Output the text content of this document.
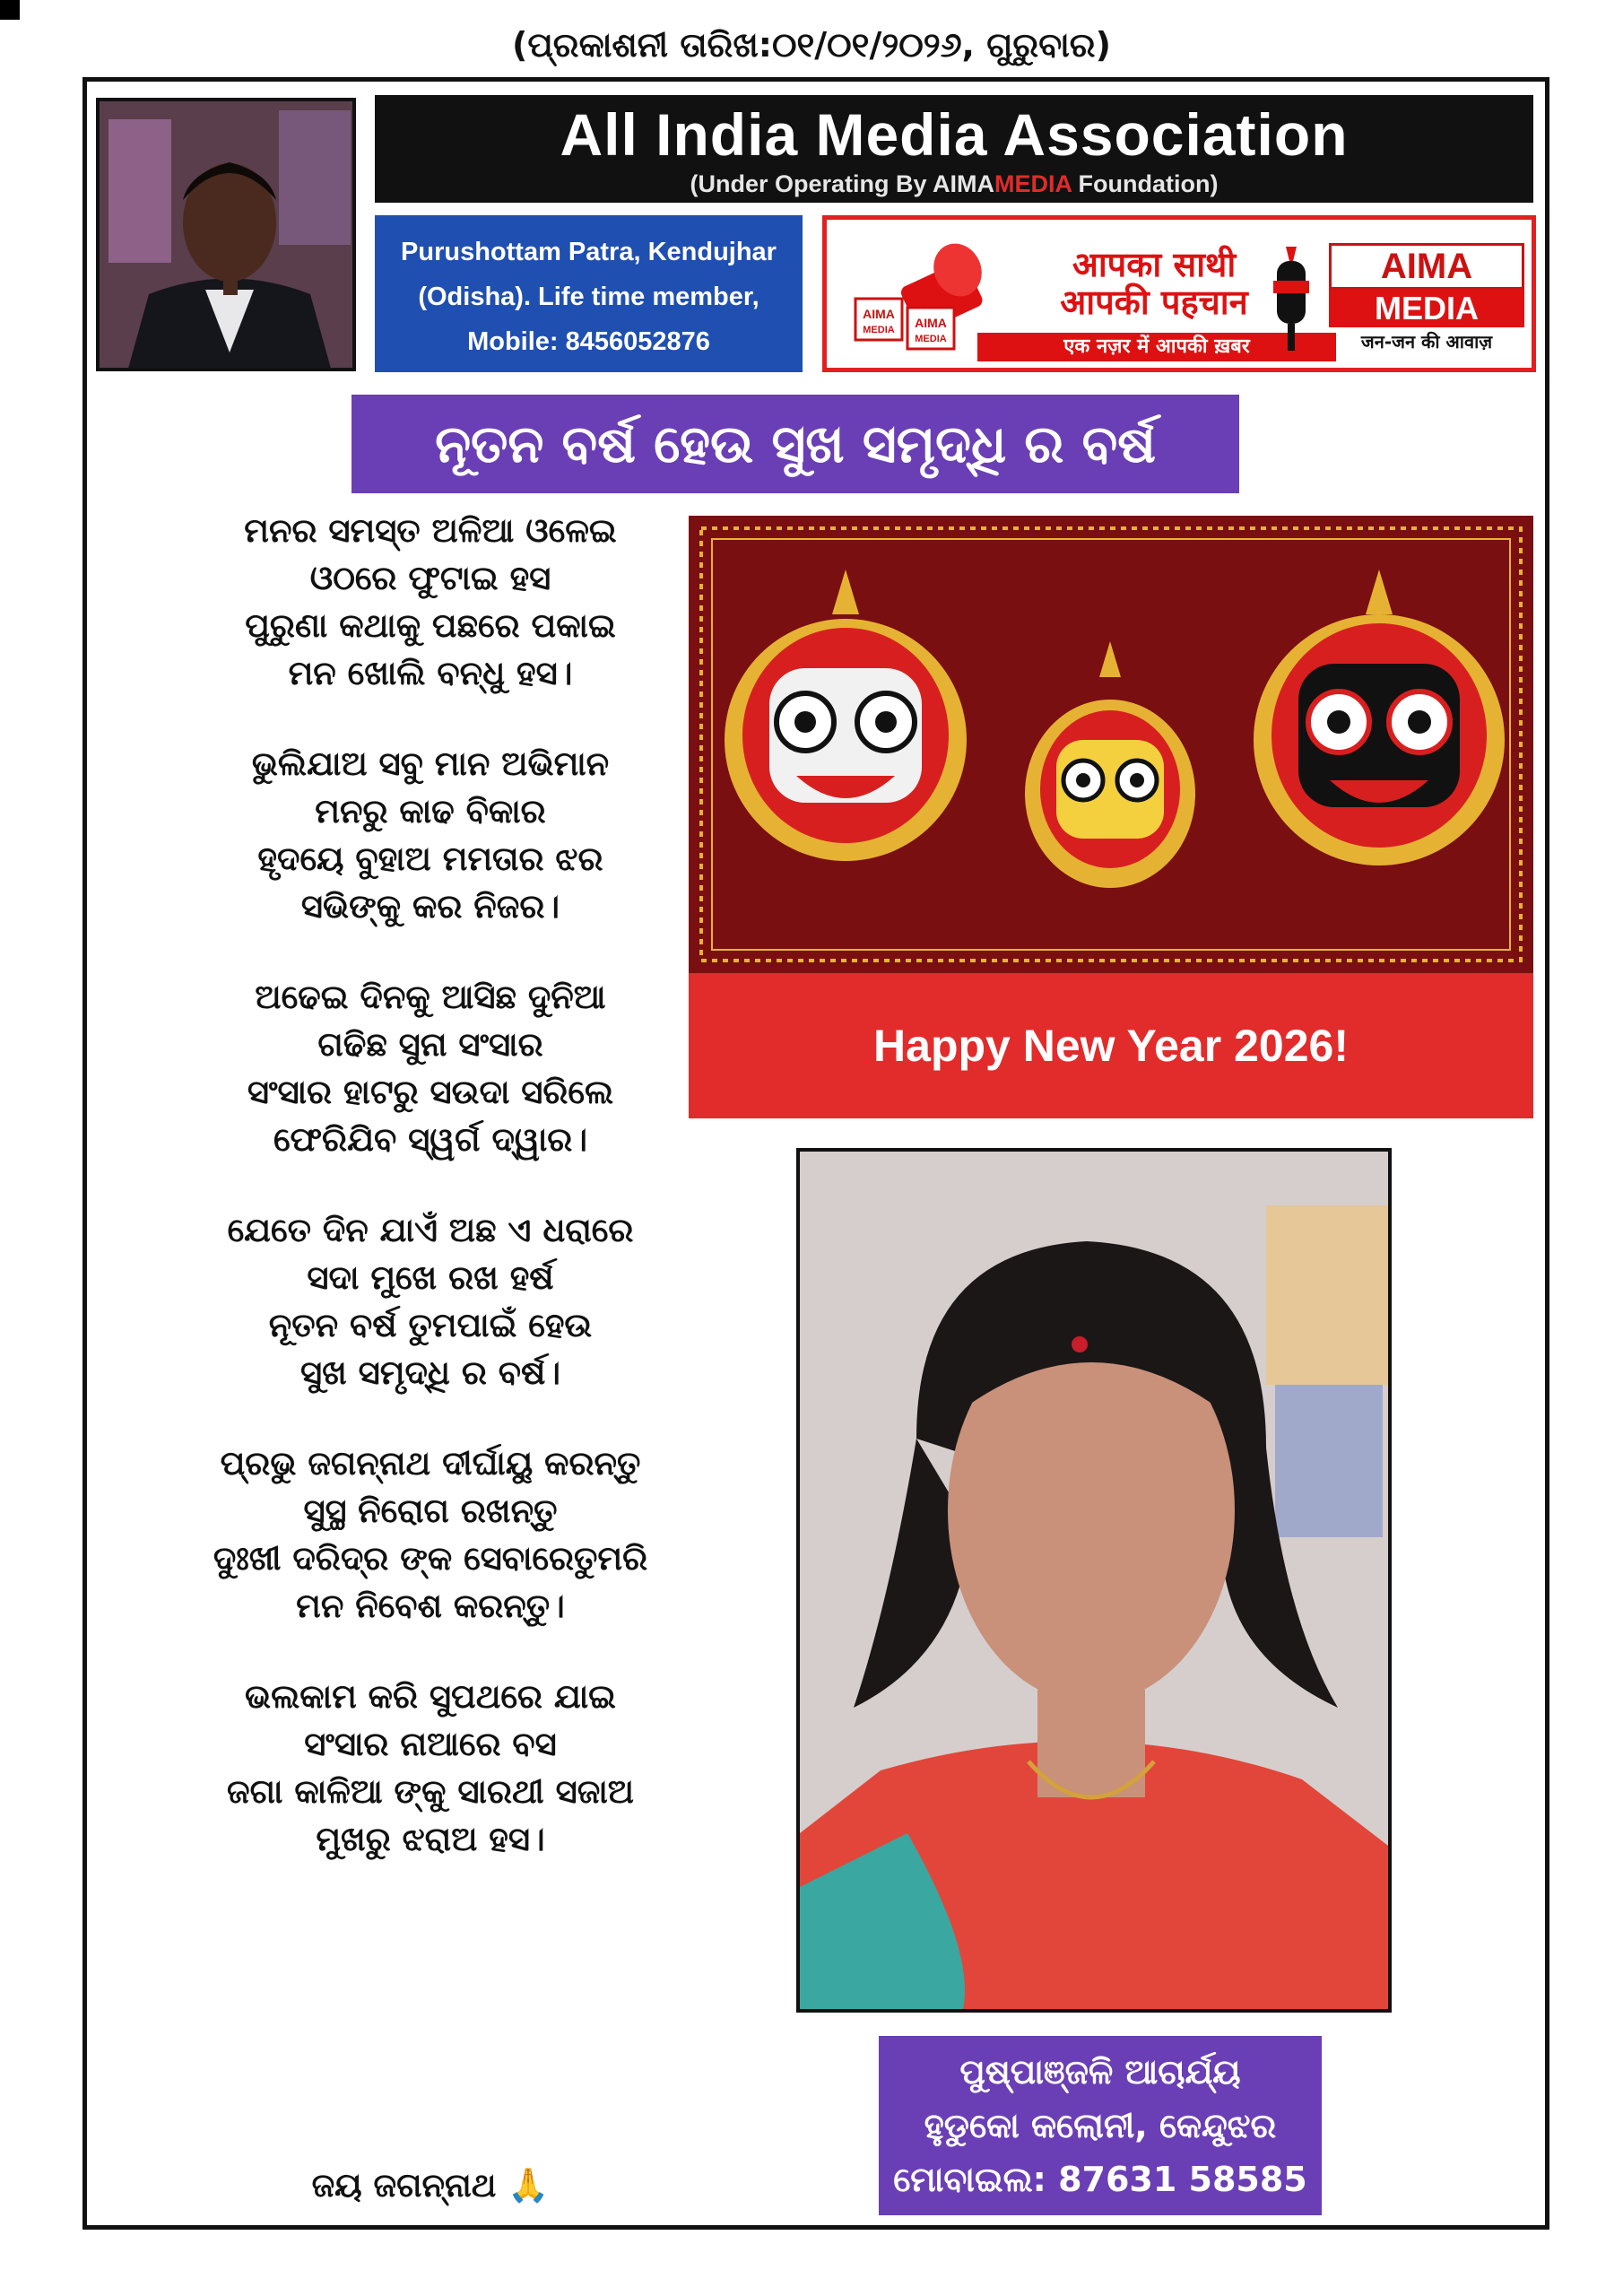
(ପ୍ରକାଶନୀ ତାରିଖ:୦୧/୦୧/୨୦୨୬, ଗୁରୁବାର)
All India Media Association
(Under Operating By AIMAMEDIA Foundation)
Purushottam Patra, Kendujhar
(Odisha). Life time member,
Mobile: 8456052876
AIMA
MEDIA AIMA
MEDIA
आपका साथी
आपकी पहचान
एक नज़र में आपकी ख़बर
AIMA
MEDIA
जन-जन की आवाज़
ନୂତନ ବର୍ଷ ହେଉ ସୁଖ ସମୃଦ୍ଧି ର ବର୍ଷ
ମନର ସମସ୍ତ ଅଳିଆ ଓଳେଇ
ଓଠରେ ଫୁଟାଇ ହସ
ପୁରୁଣା କଥାକୁ ପଛରେ ପକାଇ
ମନ ଖୋଲି ବନ୍ଧୁ ହସ।
ଭୁଲିଯାଅ ସବୁ ମାନ ଅଭିମାନ
ମନରୁ କାଢ ବିକାର
ହୃଦୟେ ବୁହାଅ ମମତାର ଝର
ସଭିଙ୍କୁ କର ନିଜର।
ଅଢେଇ ଦିନକୁ ଆସିଛ ଦୁନିଆ
ଗଢିଛ ସୁନା ସଂସାର
ସଂସାର ହାଟରୁ ସଉଦା ସରିଲେ
ଫେରିଯିବ ସ୍ୱର୍ଗ ଦ୍ୱାର।
ଯେତେ ଦିନ ଯାଏଁ ଅଛ ଏ ଧରାରେ
ସଦା ମୁଖେ ରଖ ହର୍ଷ
ନୂତନ ବର୍ଷ ତୁମପାଇଁ ହେଉ
ସୁଖ ସମୃଦ୍ଧି ର ବର୍ଷ।
ପ୍ରଭୁ ଜଗନ୍ନାଥ ଦୀର୍ଘାୟୁ କରନ୍ତୁ
ସୁସ୍ଥ ନିରୋଗ ରଖନ୍ତୁ
ଦୁଃଖୀ ଦରିଦ୍ର ଙ୍କ ସେବାରେତୁମରି
ମନ ନିବେଶ କରନ୍ତୁ।
ଭଲକାମ କରି ସୁପଥରେ ଯାଇ
ସଂସାର ନାଆରେ ବସ
ଜଗା କାଳିଆ ଙ୍କୁ ସାରଥୀ ସଜାଅ
ମୁଖରୁ ଝରାଅ ହସ।
ଜୟ ଜଗନ୍ନାଥ 🙏
Happy New Year 2026!
ପୁଷ୍ପାଞ୍ଜଳି ଆଚାର୍ଯ୍ୟ
ହୁଡୁକୋ କଲୋନୀ, କେନ୍ଦୁଝର
ମୋବାଇଲ: 87631 58585
